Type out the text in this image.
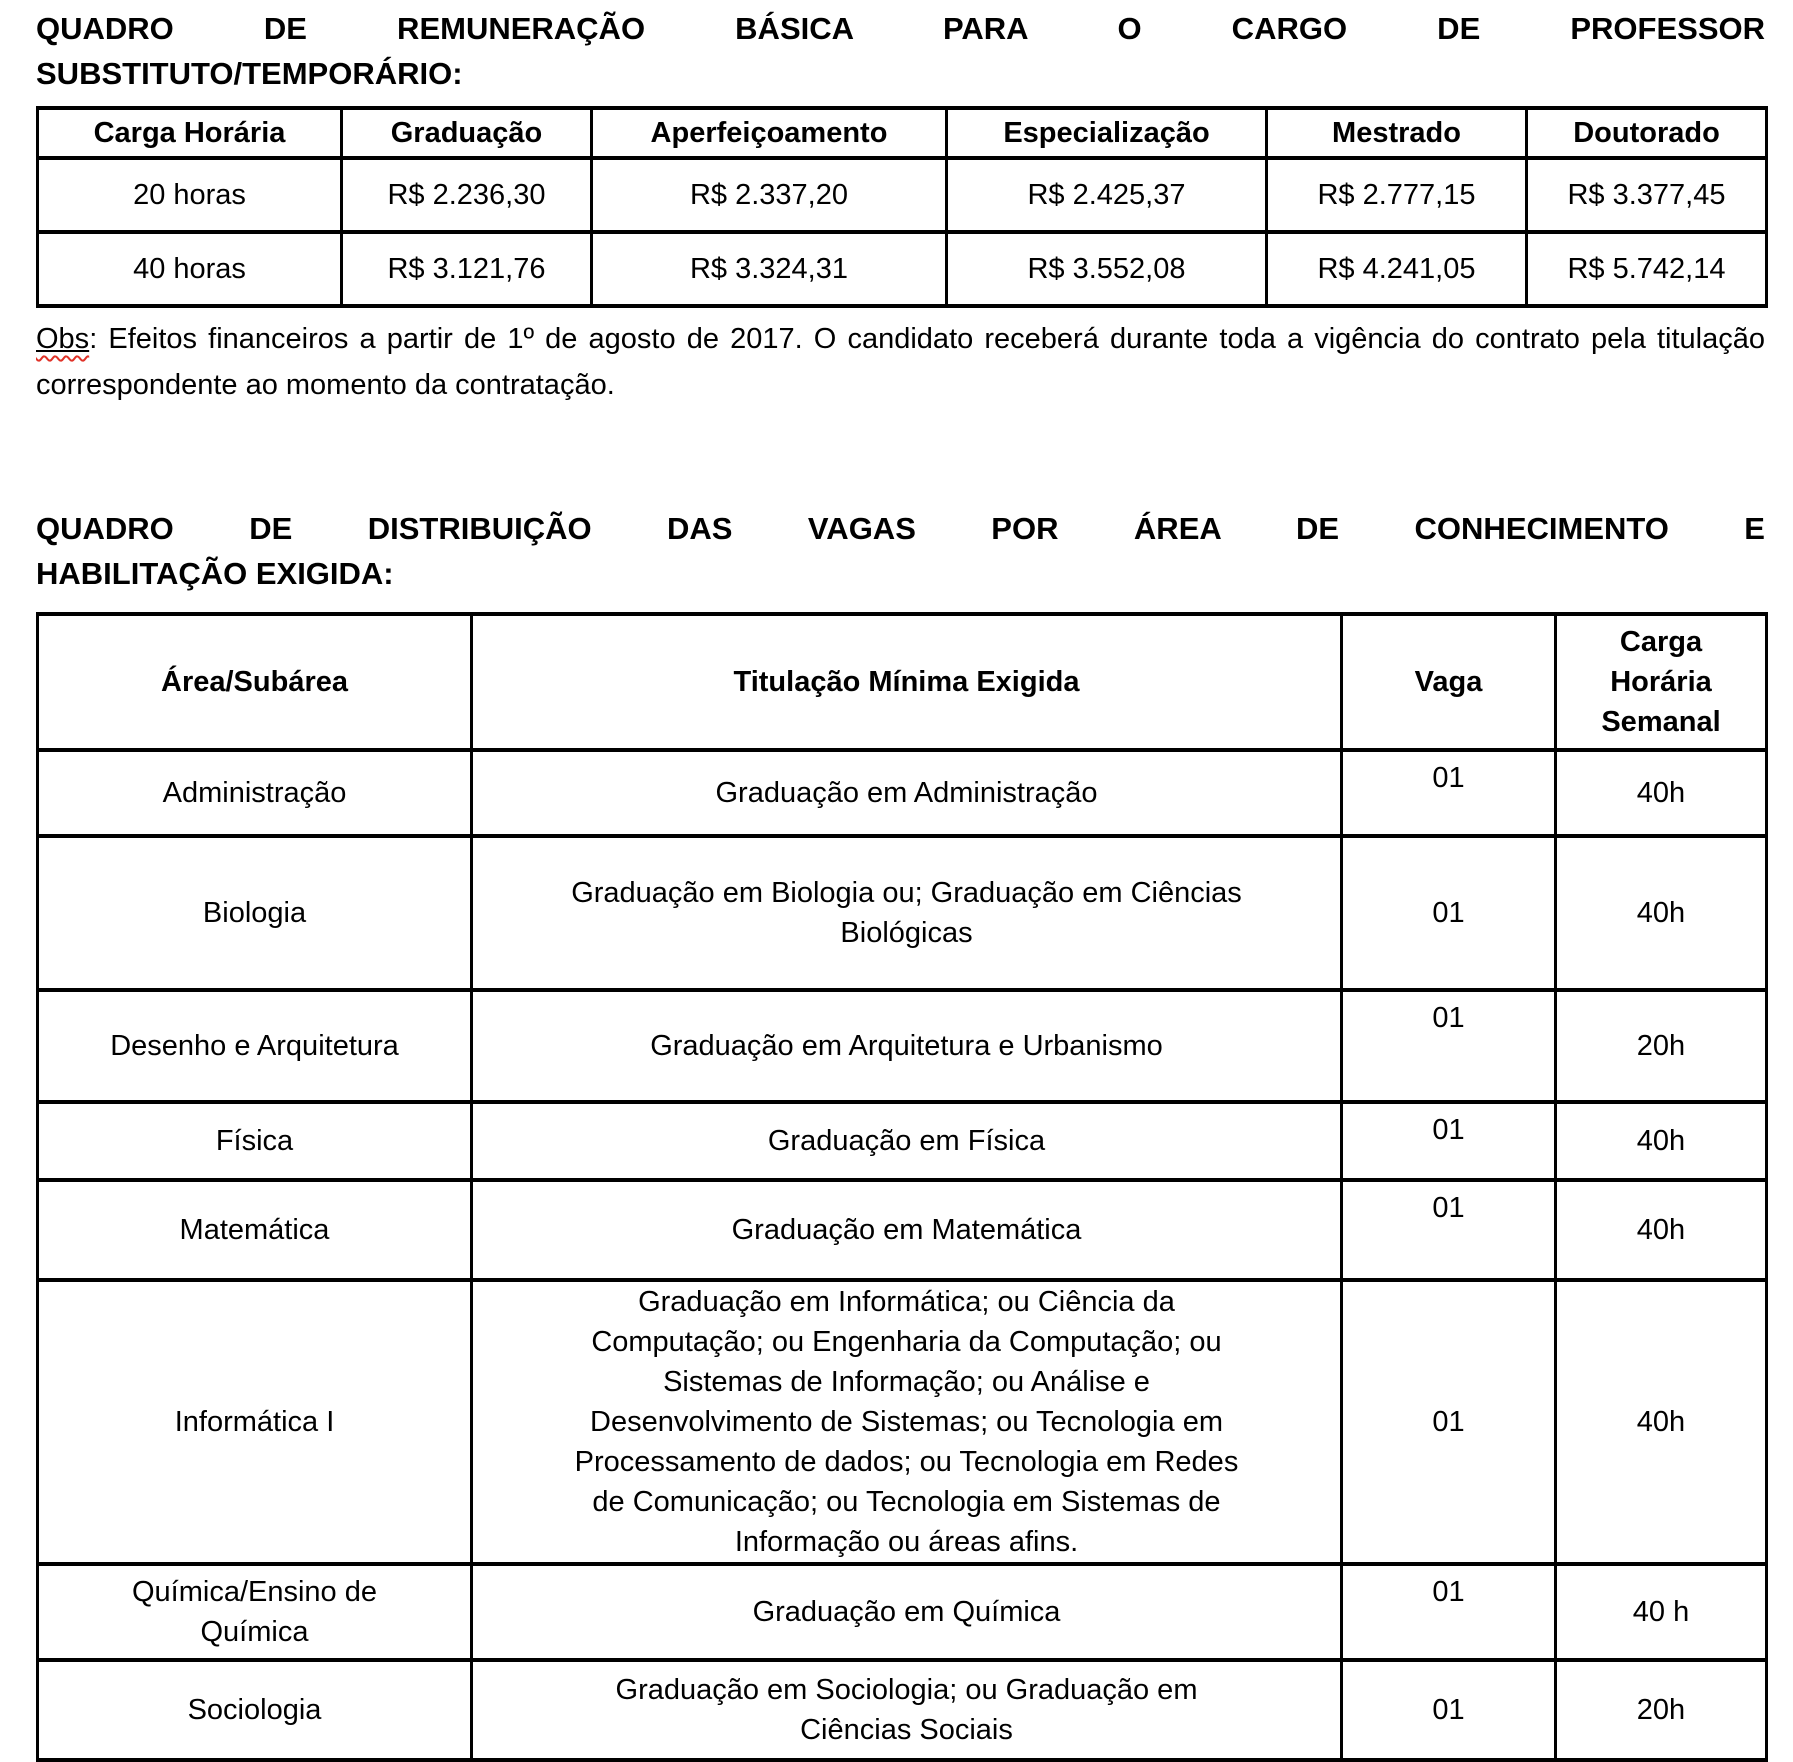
QUADRO DE REMUNERAÇÃO BÁSICA PARA O CARGO DE PROFESSOR
SUBSTITUTO/TEMPORÁRIO:
Carga Horária	Graduação	Aperfeiçoamento	Especialização	Mestrado	Doutorado
20 horas	R$ 2.236,30	R$ 2.337,20	R$ 2.425,37	R$ 2.777,15	R$ 3.377,45
40 horas	R$ 3.121,76	R$ 3.324,31	R$ 3.552,08	R$ 4.241,05	R$ 5.742,14

Obs: Efeitos financeiros a partir de 1º de agosto de 2017. O candidato receberá durante toda a vigência do contrato pela titulação correspondente ao momento da contratação.

QUADRO DE DISTRIBUIÇÃO DAS VAGAS POR ÁREA DE CONHECIMENTO E
HABILITAÇÃO EXIGIDA:
Área/Subárea	Titulação Mínima Exigida	Vaga	Carga Horária Semanal

Administração	Graduação em Administração	01	40h

Biologia	Graduação em Biologia ou; Graduação em Ciências Biológicas	01	40h

Desenho e Arquitetura	Graduação em Arquitetura e Urbanismo	01	20h

Física	Graduação em Física	01	40h

Matemática	Graduação em Matemática	01	40h

Informática I	Graduação em Informática; ou Ciência da Computação; ou Engenharia da Computação; ou Sistemas de Informação; ou Análise e Desenvolvimento de Sistemas; ou Tecnologia em Processamento de dados; ou Tecnologia em Redes de Comunicação; ou Tecnologia em Sistemas de Informação ou áreas afins.	01	40h

Química/Ensino de Química	Graduação em Química	01	40 h

Sociologia	Graduação em Sociologia; ou Graduação em Ciências Sociais	01	20h
